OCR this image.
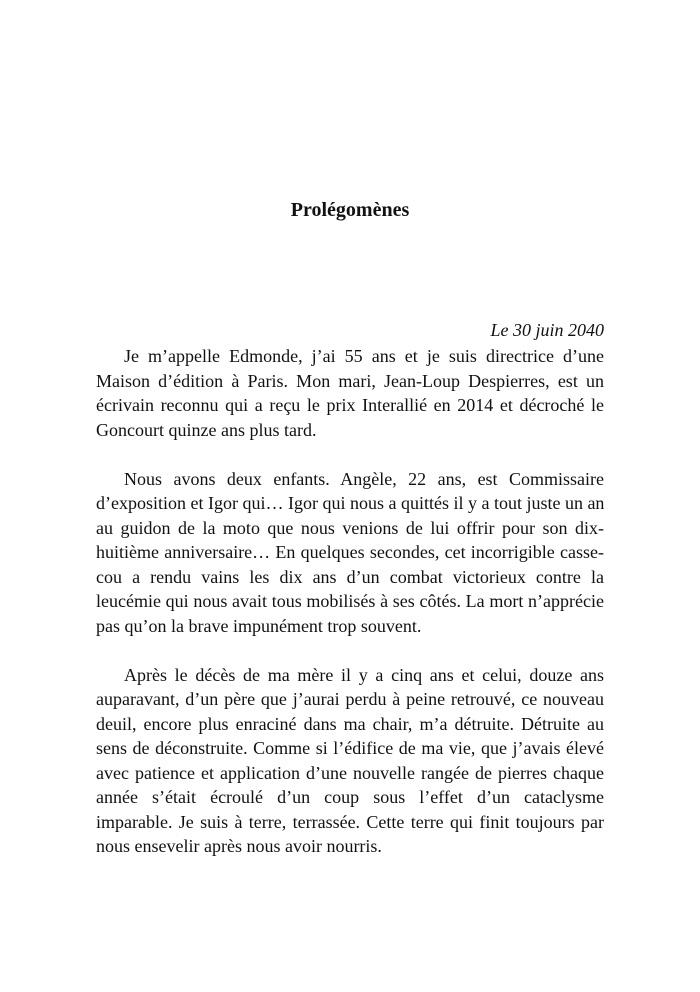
Prolégomènes
Le 30 juin 2040
Je m’appelle Edmonde, j’ai 55 ans et je suis directrice d’une
Maison d’édition à Paris. Mon mari, Jean-Loup Despierres, est un
écrivain reconnu qui a reçu le prix Interallié en 2014 et décroché le
Goncourt quinze ans plus tard.
Nous avons deux enfants. Angèle, 22 ans, est Commissaire
d’exposition et Igor qui… Igor qui nous a quittés il y a tout juste un an
au guidon de la moto que nous venions de lui offrir pour son dix-
huitième anniversaire… En quelques secondes, cet incorrigible casse-
cou a rendu vains les dix ans d’un combat victorieux contre la
leucémie qui nous avait tous mobilisés à ses côtés. La mort n’apprécie
pas qu’on la brave impunément trop souvent.
Après le décès de ma mère il y a cinq ans et celui, douze ans
auparavant, d’un père que j’aurai perdu à peine retrouvé, ce nouveau
deuil, encore plus enraciné dans ma chair, m’a détruite. Détruite au
sens de déconstruite. Comme si l’édifice de ma vie, que j’avais élevé
avec patience et application d’une nouvelle rangée de pierres chaque
année s’était écroulé d’un coup sous l’effet d’un cataclysme
imparable. Je suis à terre, terrassée. Cette terre qui finit toujours par
nous ensevelir après nous avoir nourris.
